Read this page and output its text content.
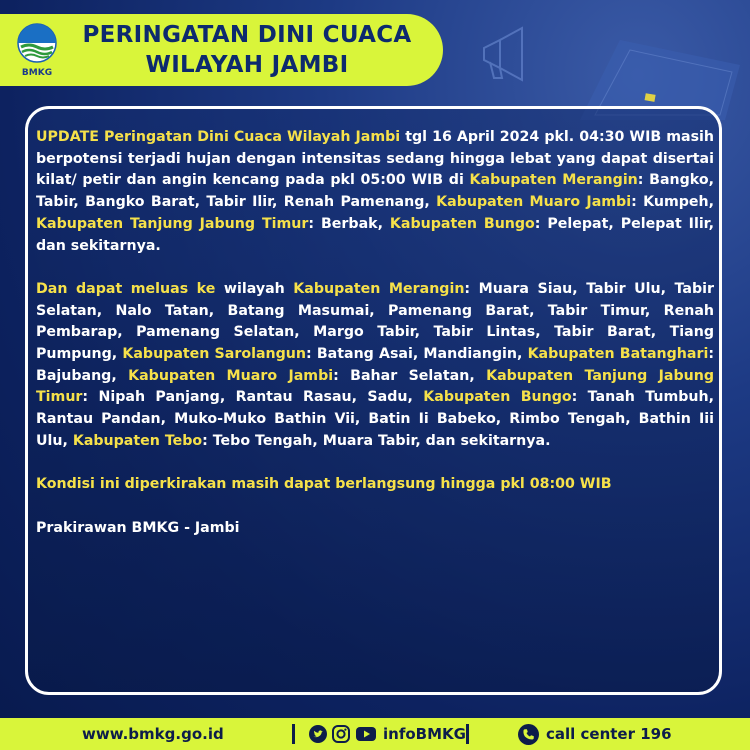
BMKG
PERINGATAN DINI CUACA
WILAYAH JAMBI

UPDATE Peringatan Dini Cuaca Wilayah Jambi tgl 16 April 2024 pkl. 04:30 WIB masih berpotensi terjadi hujan dengan intensitas sedang hingga lebat yang dapat disertai kilat/ petir dan angin kencang pada pkl 05:00 WIB di Kabupaten Merangin: Bangko, Tabir, Bangko Barat, Tabir Ilir, Renah Pamenang, Kabupaten Muaro Jambi: Kumpeh, Kabupaten Tanjung Jabung Timur: Berbak, Kabupaten Bungo: Pelepat, Pelepat Ilir, dan sekitarnya.

Dan dapat meluas ke wilayah Kabupaten Merangin: Muara Siau, Tabir Ulu, Tabir Selatan, Nalo Tatan, Batang Masumai, Pamenang Barat, Tabir Timur, Renah Pembarap, Pamenang Selatan, Margo Tabir, Tabir Lintas, Tabir Barat, Tiang Pumpung, Kabupaten Sarolangun: Batang Asai, Mandiangin, Kabupaten Batanghari: Bajubang, Kabupaten Muaro Jambi: Bahar Selatan, Kabupaten Tanjung Jabung Timur: Nipah Panjang, Rantau Rasau, Sadu, Kabupaten Bungo: Tanah Tumbuh, Rantau Pandan, Muko-Muko Bathin Vii, Batin Ii Babeko, Rimbo Tengah, Bathin Iii Ulu, Kabupaten Tebo: Tebo Tengah, Muara Tabir, dan sekitarnya.

Kondisi ini diperkirakan masih dapat berlangsung hingga pkl 08:00 WIB

Prakirawan BMKG - Jambi

www.bmkg.go.id	infoBMKG	call center 196
